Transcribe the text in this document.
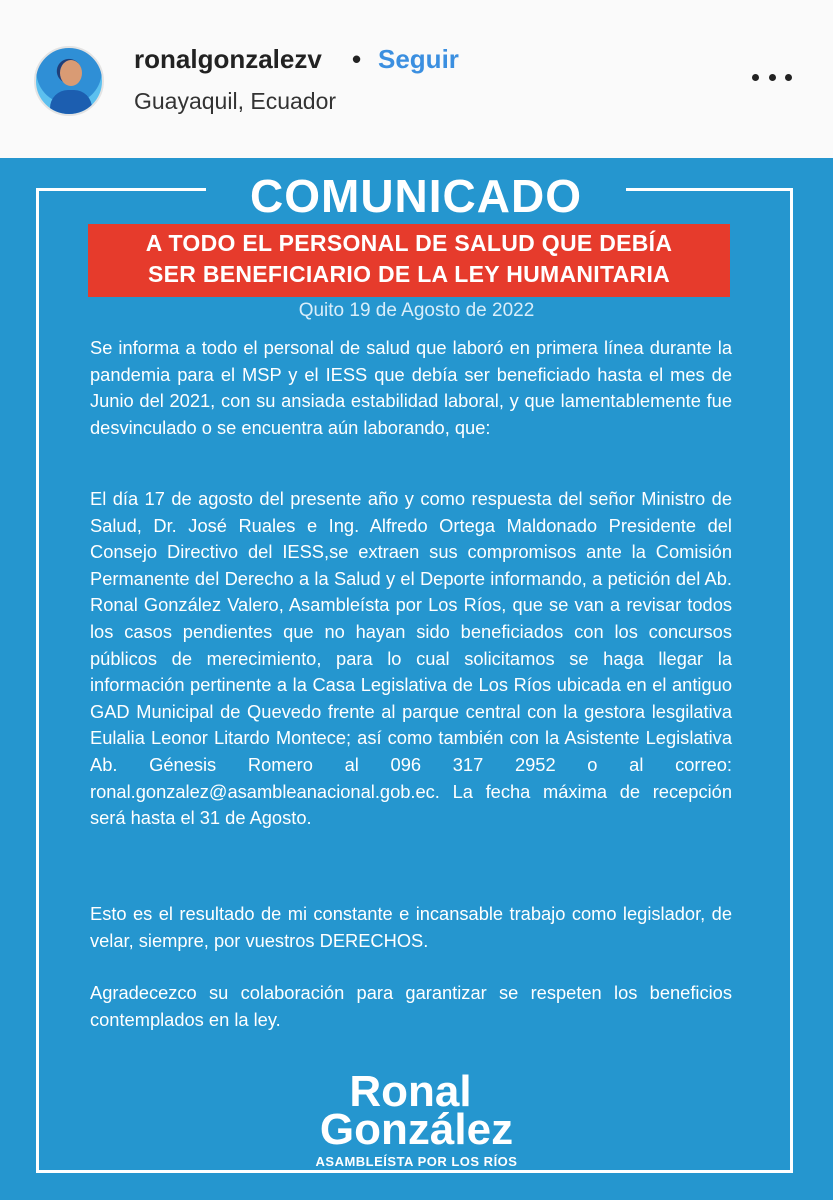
ronalgonzalezv • Seguir
Guayaquil, Ecuador
COMUNICADO
A TODO EL PERSONAL DE SALUD QUE DEBÍA
SER BENEFICIARIO DE LA LEY HUMANITARIA
Quito 19 de Agosto de 2022
Se informa a todo el personal de salud que laboró en primera línea durante la pandemia para el MSP y el IESS que debía ser beneficiado hasta el mes de Junio del 2021, con su ansiada estabilidad laboral, y que lamentablemente fue desvinculado o se encuentra aún laborando, que:
El día 17 de agosto del presente año y como respuesta del señor Ministro de Salud, Dr. José Ruales e Ing. Alfredo Ortega Maldonado Presidente del Consejo Directivo del IESS,se extraen sus compromisos ante la Comisión Permanente del Derecho a la Salud y el Deporte informando, a petición del Ab. Ronal González Valero, Asambleísta por Los Ríos, que se van a revisar todos los casos pendientes que no hayan sido beneficiados con los concursos públicos de merecimiento, para lo cual solicitamos se haga llegar la información pertinente a la Casa Legislativa de Los Ríos ubicada en el antiguo GAD Municipal de Quevedo frente al parque central con la gestora lesgilativa Eulalia Leonor Litardo Montece; así como también con la Asistente Legislativa Ab. Génesis Romero al 096 317 2952 o al correo: ronal.gonzalez@asambleanacional.gob.ec. La fecha máxima de recepción será hasta el 31 de Agosto.
Esto es el resultado de mi constante e incansable trabajo como legislador, de velar, siempre, por vuestros DERECHOS.
Agradecezco su colaboración para garantizar se respeten los beneficios contemplados en la ley.
Ronal
González
ASAMBLEÍSTA POR LOS RÍOS
